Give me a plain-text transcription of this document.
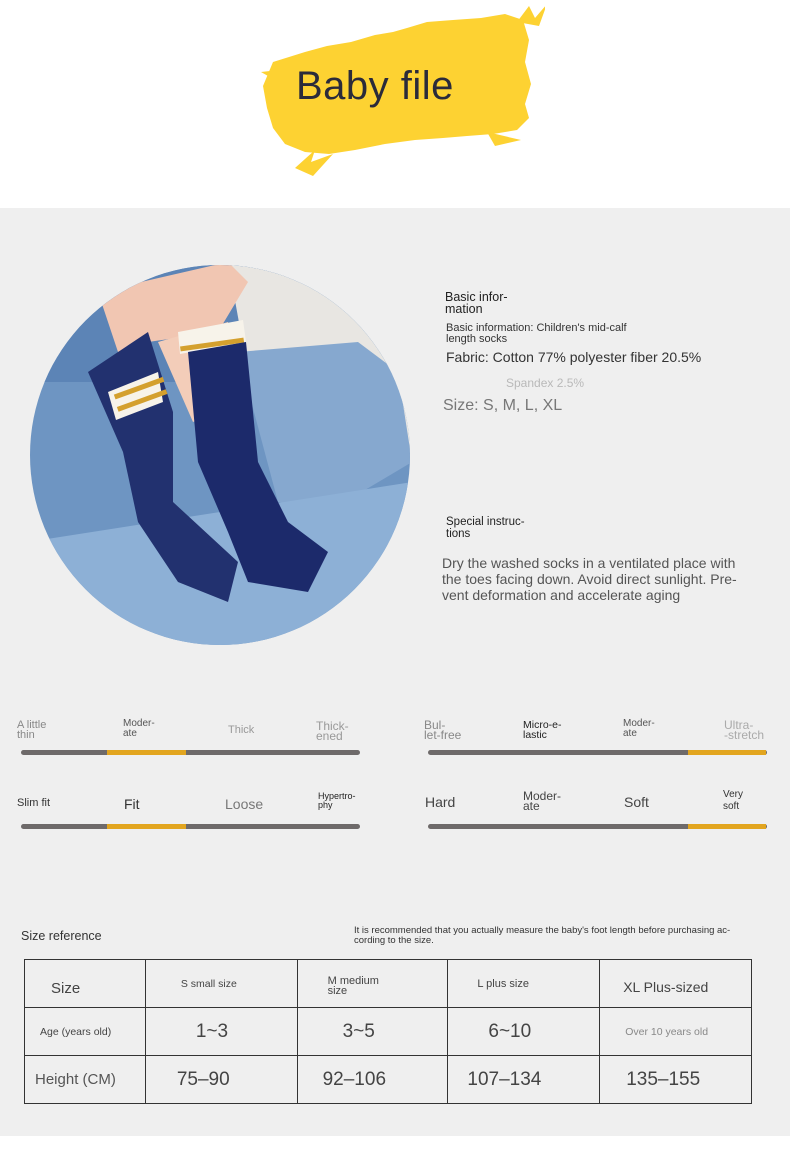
Baby file
Basic infor-
mation
Basic information: Children's mid-calf
length socks
Fabric: Cotton 77% polyester fiber 20.5%
Spandex 2.5%
Size: S, M, L, XL
Special instruc-
tions
Dry the washed socks in a ventilated place with
the toes facing down. Avoid direct sunlight. Pre-
vent deformation and accelerate aging
A little
thin
Moder-
ate	Thick	Thick-
ened
Bul-
let-free
Micro-e-
lastic
Moder-
ate
Ultra-
-stretch
Slim fit	Fit	Loose	Hypertro-
phy	Hard	Moder-
ate	Soft	Very
soft
Size reference	It is recommended that you actually measure the baby's foot length before purchasing ac-
cording to the size.
Size	S small size	M medium
size	L plus size	XL Plus-sized
Age (years old)	1~3	3~5	6~10	Over 10 years old
Height (CM)	75–90	92–106	107–134	135–155
